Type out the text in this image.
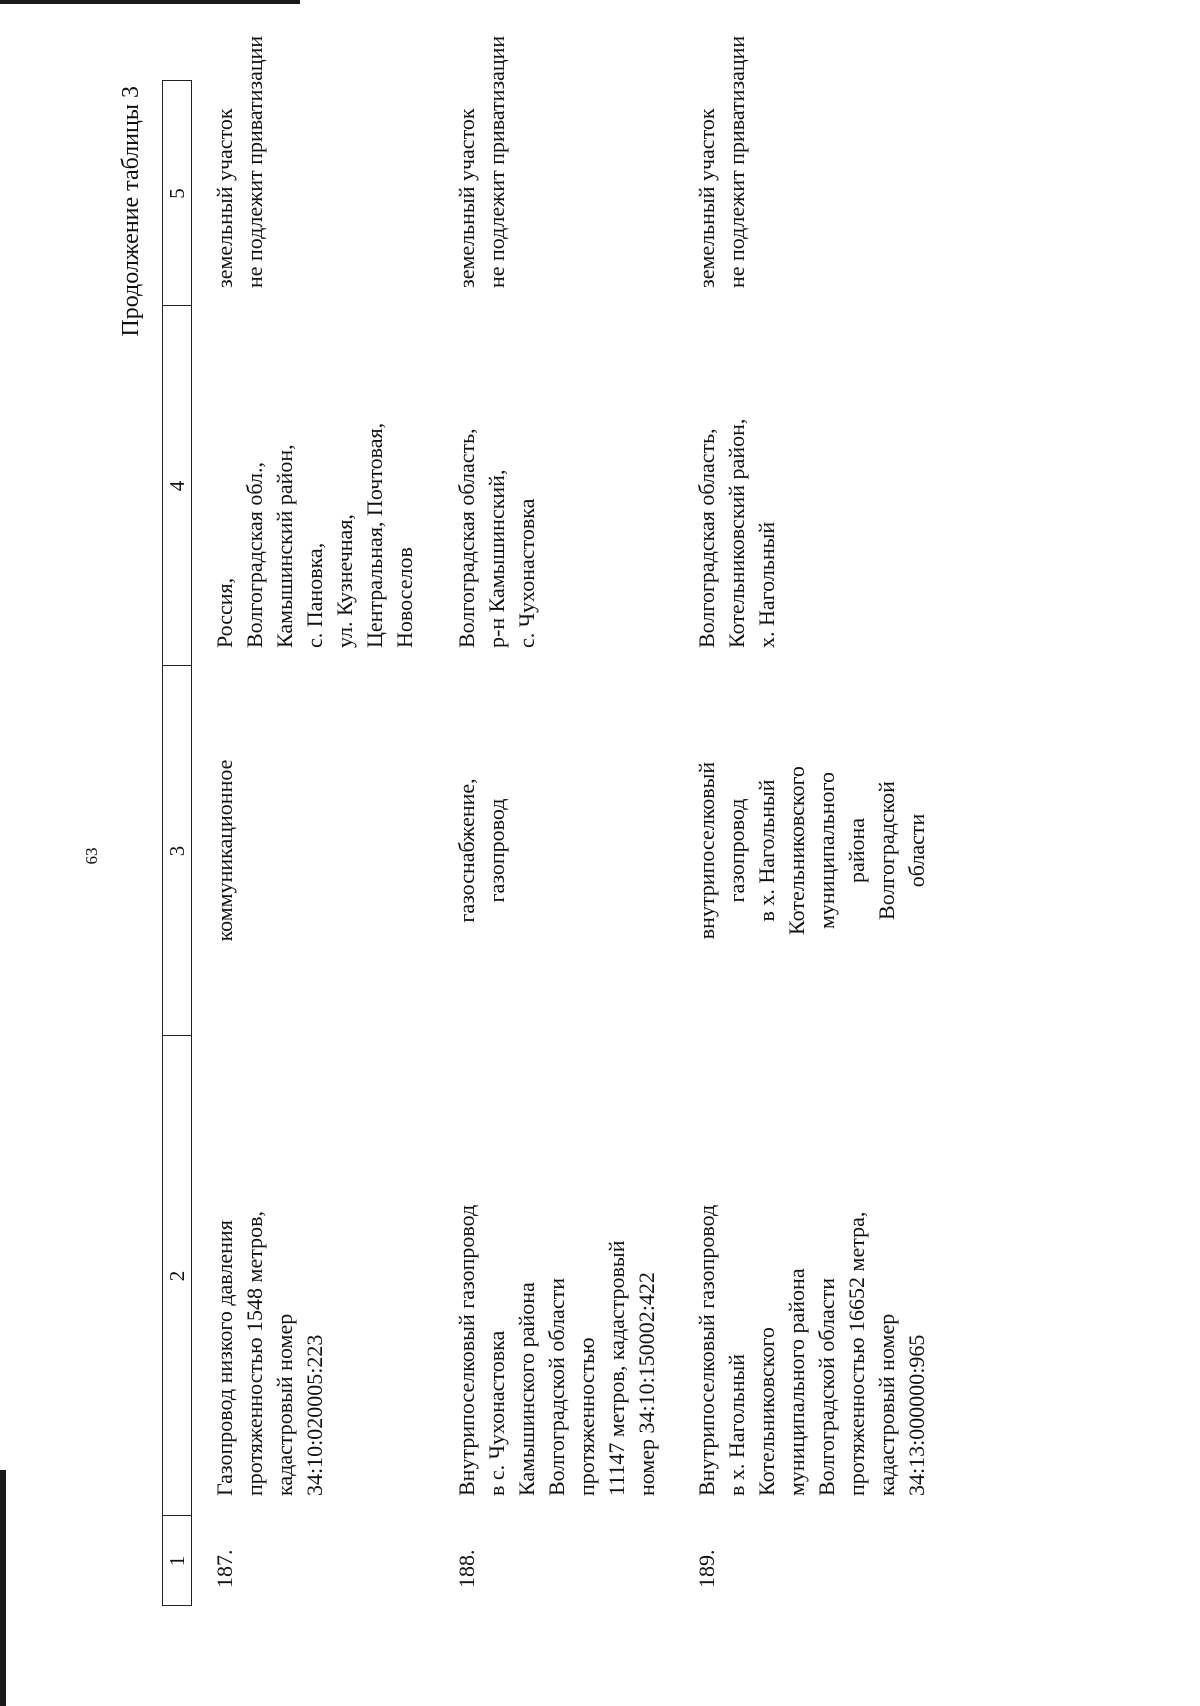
63
Продолжение таблицы 3
1
2
3
4
5
187.
Газопровод низкого давления
протяженностью 1548 метров,
кадастровый номер
34:10:020005:223
коммуникационное
Россия,
Волгоградская обл.,
Камышинский район,
с. Пановка,
ул. Кузнечная,
Центральная, Почтовая,
Новоселов
земельный участок
не подлежит приватизации
188.
Внутрипоселковый газопровод
в с. Чухонастовка
Камышинского района
Волгоградской области
протяженностью
11147 метров, кадастровый
номер 34:10:150002:422
газоснабжение,
газопровод
Волгоградская область,
р-н Камышинский,
с. Чухонастовка
земельный участок
не подлежит приватизации
189.
Внутрипоселковый газопровод
в х. Нагольный
Котельниковского
муниципального района
Волгоградской области
протяженностью 16652 метра,
кадастровый номер
34:13:000000:965
внутрипоселковый
газопровод
в х. Нагольный
Котельниковского
муниципального
района
Волгоградской
области
Волгоградская область,
Котельниковский район,
х. Нагольный
земельный участок
не подлежит приватизации
